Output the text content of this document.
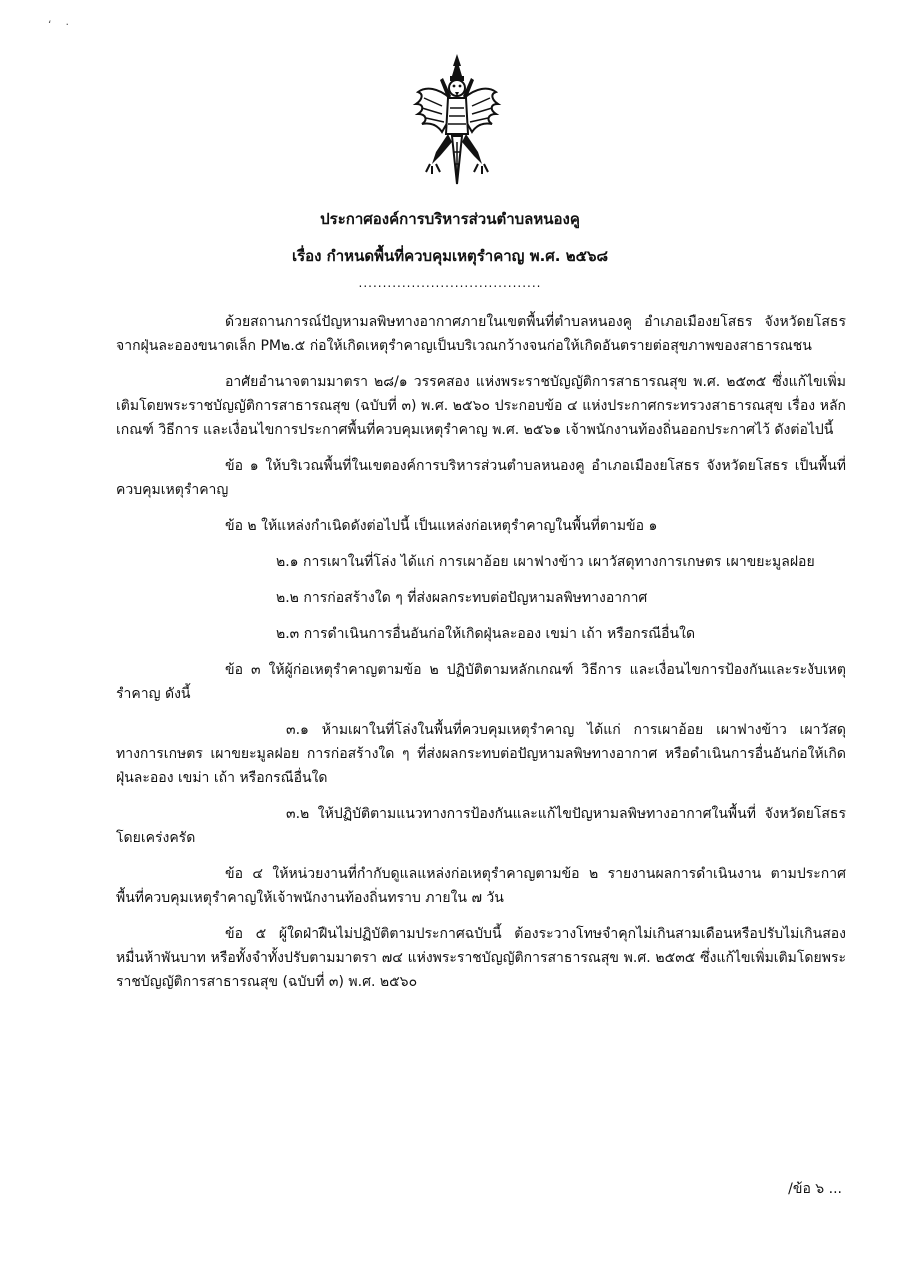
ʻ    ·
ประกาศองค์การบริหารส่วนตำบลหนองคู
เรื่อง กำหนดพื้นที่ควบคุมเหตุรำคาญ พ.ศ. ๒๕๖๘
......................................

ด้วยสถานการณ์ปัญหามลพิษทางอากาศภายในเขตพื้นที่ตำบลหนองคู อำเภอเมืองยโสธร จังหวัดยโสธร จากฝุ่นละอองขนาดเล็ก PM๒.๕ ก่อให้เกิดเหตุรำคาญเป็นบริเวณกว้างจนก่อให้เกิดอันตรายต่อสุขภาพของสาธารณชน

อาศัยอำนาจตามมาตรา ๒๘/๑ วรรคสอง แห่งพระราชบัญญัติการสาธารณสุข พ.ศ. ๒๕๓๕ ซึ่งแก้ไขเพิ่มเติมโดยพระราชบัญญัติการสาธารณสุข (ฉบับที่ ๓) พ.ศ. ๒๕๖๐ ประกอบข้อ ๔ แห่งประกาศกระทรวงสาธารณสุข เรื่อง หลักเกณฑ์ วิธีการ และเงื่อนไขการประกาศพื้นที่ควบคุมเหตุรำคาญ พ.ศ. ๒๕๖๑ เจ้าพนักงานท้องถิ่นออกประกาศไว้ ดังต่อไปนี้

ข้อ ๑ ให้บริเวณพื้นที่ในเขตองค์การบริหารส่วนตำบลหนองคู อำเภอเมืองยโสธร จังหวัดยโสธร เป็นพื้นที่ควบคุมเหตุรำคาญ

ข้อ ๒ ให้แหล่งกำเนิดดังต่อไปนี้ เป็นแหล่งก่อเหตุรำคาญในพื้นที่ตามข้อ ๑

๒.๑ การเผาในที่โล่ง ได้แก่ การเผาอ้อย เผาฟางข้าว เผาวัสดุทางการเกษตร เผาขยะมูลฝอย

๒.๒ การก่อสร้างใด ๆ ที่ส่งผลกระทบต่อปัญหามลพิษทางอากาศ

๒.๓ การดำเนินการอื่นอันก่อให้เกิดฝุ่นละออง เขม่า เถ้า หรือกรณีอื่นใด

ข้อ ๓ ให้ผู้ก่อเหตุรำคาญตามข้อ ๒ ปฏิบัติตามหลักเกณฑ์ วิธีการ และเงื่อนไขการป้องกันและระงับเหตุรำคาญ ดังนี้

๓.๑ ห้ามเผาในที่โล่งในพื้นที่ควบคุมเหตุรำคาญ ได้แก่ การเผาอ้อย เผาฟางข้าว เผาวัสดุทางการเกษตร เผาขยะมูลฝอย การก่อสร้างใด ๆ ที่ส่งผลกระทบต่อปัญหามลพิษทางอากาศ หรือดำเนินการอื่นอันก่อให้เกิดฝุ่นละออง เขม่า เถ้า หรือกรณีอื่นใด

๓.๒ ให้ปฏิบัติตามแนวทางการป้องกันและแก้ไขปัญหามลพิษทางอากาศในพื้นที่ จังหวัดยโสธร โดยเคร่งครัด

ข้อ ๔ ให้หน่วยงานที่กำกับดูแลแหล่งก่อเหตุรำคาญตามข้อ ๒ รายงานผลการดำเนินงาน ตามประกาศพื้นที่ควบคุมเหตุรำคาญให้เจ้าพนักงานท้องถิ่นทราบ ภายใน ๗ วัน

ข้อ ๕ ผู้ใดฝ่าฝืนไม่ปฏิบัติตามประกาศฉบับนี้ ต้องระวางโทษจำคุกไม่เกินสามเดือนหรือปรับไม่เกินสองหมื่นห้าพันบาท หรือทั้งจำทั้งปรับตามมาตรา ๗๔ แห่งพระราชบัญญัติการสาธารณสุข พ.ศ. ๒๕๓๕ ซึ่งแก้ไขเพิ่มเติมโดยพระราชบัญญัติการสาธารณสุข (ฉบับที่ ๓) พ.ศ. ๒๕๖๐

/ข้อ ๖ ...
